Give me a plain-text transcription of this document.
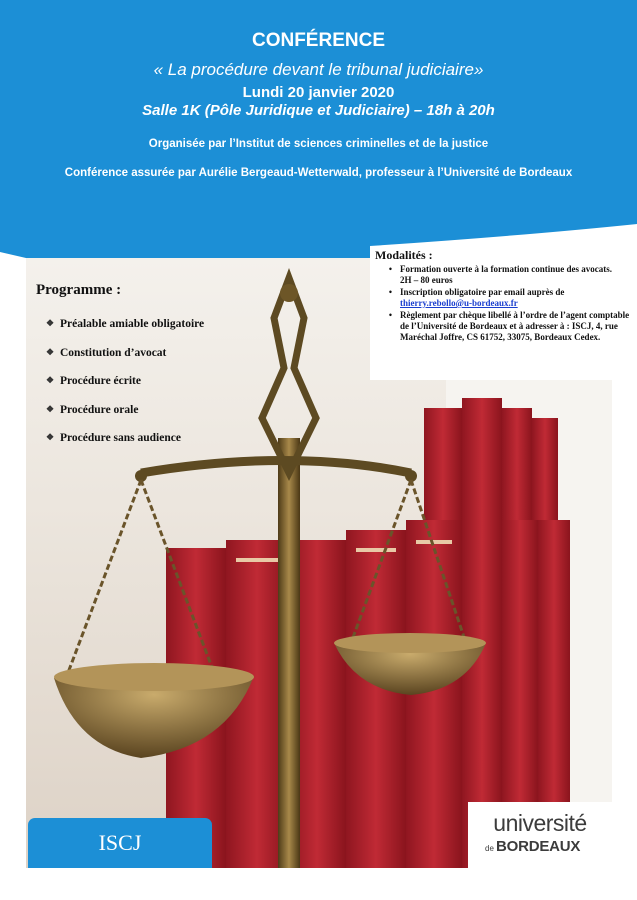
CONFÉRENCE
« La procédure devant le tribunal judiciaire»
Lundi 20 janvier 2020
Salle 1K (Pôle Juridique et Judiciaire) – 18h à 20h
Organisée par l’Institut de sciences criminelles et de la justice
Conférence assurée par Aurélie Bergeaud-Wetterwald, professeur à l’Université de Bordeaux
Programme :
❖ Préalable amiable obligatoire
❖ Constitution d’avocat
❖ Procédure écrite
❖ Procédure orale
❖ Procédure sans audience
Modalités :
• Formation ouverte à la formation continue des avocats.
2H – 80 euros
• Inscription obligatoire par email auprès de
thierry.rebollo@u-bordeaux.fr
• Règlement par chèque libellé à l’ordre de l’agent comptable de l’Université de Bordeaux et à adresser à : ISCJ, 4, rue Maréchal Joffre, CS 61752, 33075, Bordeaux Cedex.
ISCJ
université
de BORDEAUX
